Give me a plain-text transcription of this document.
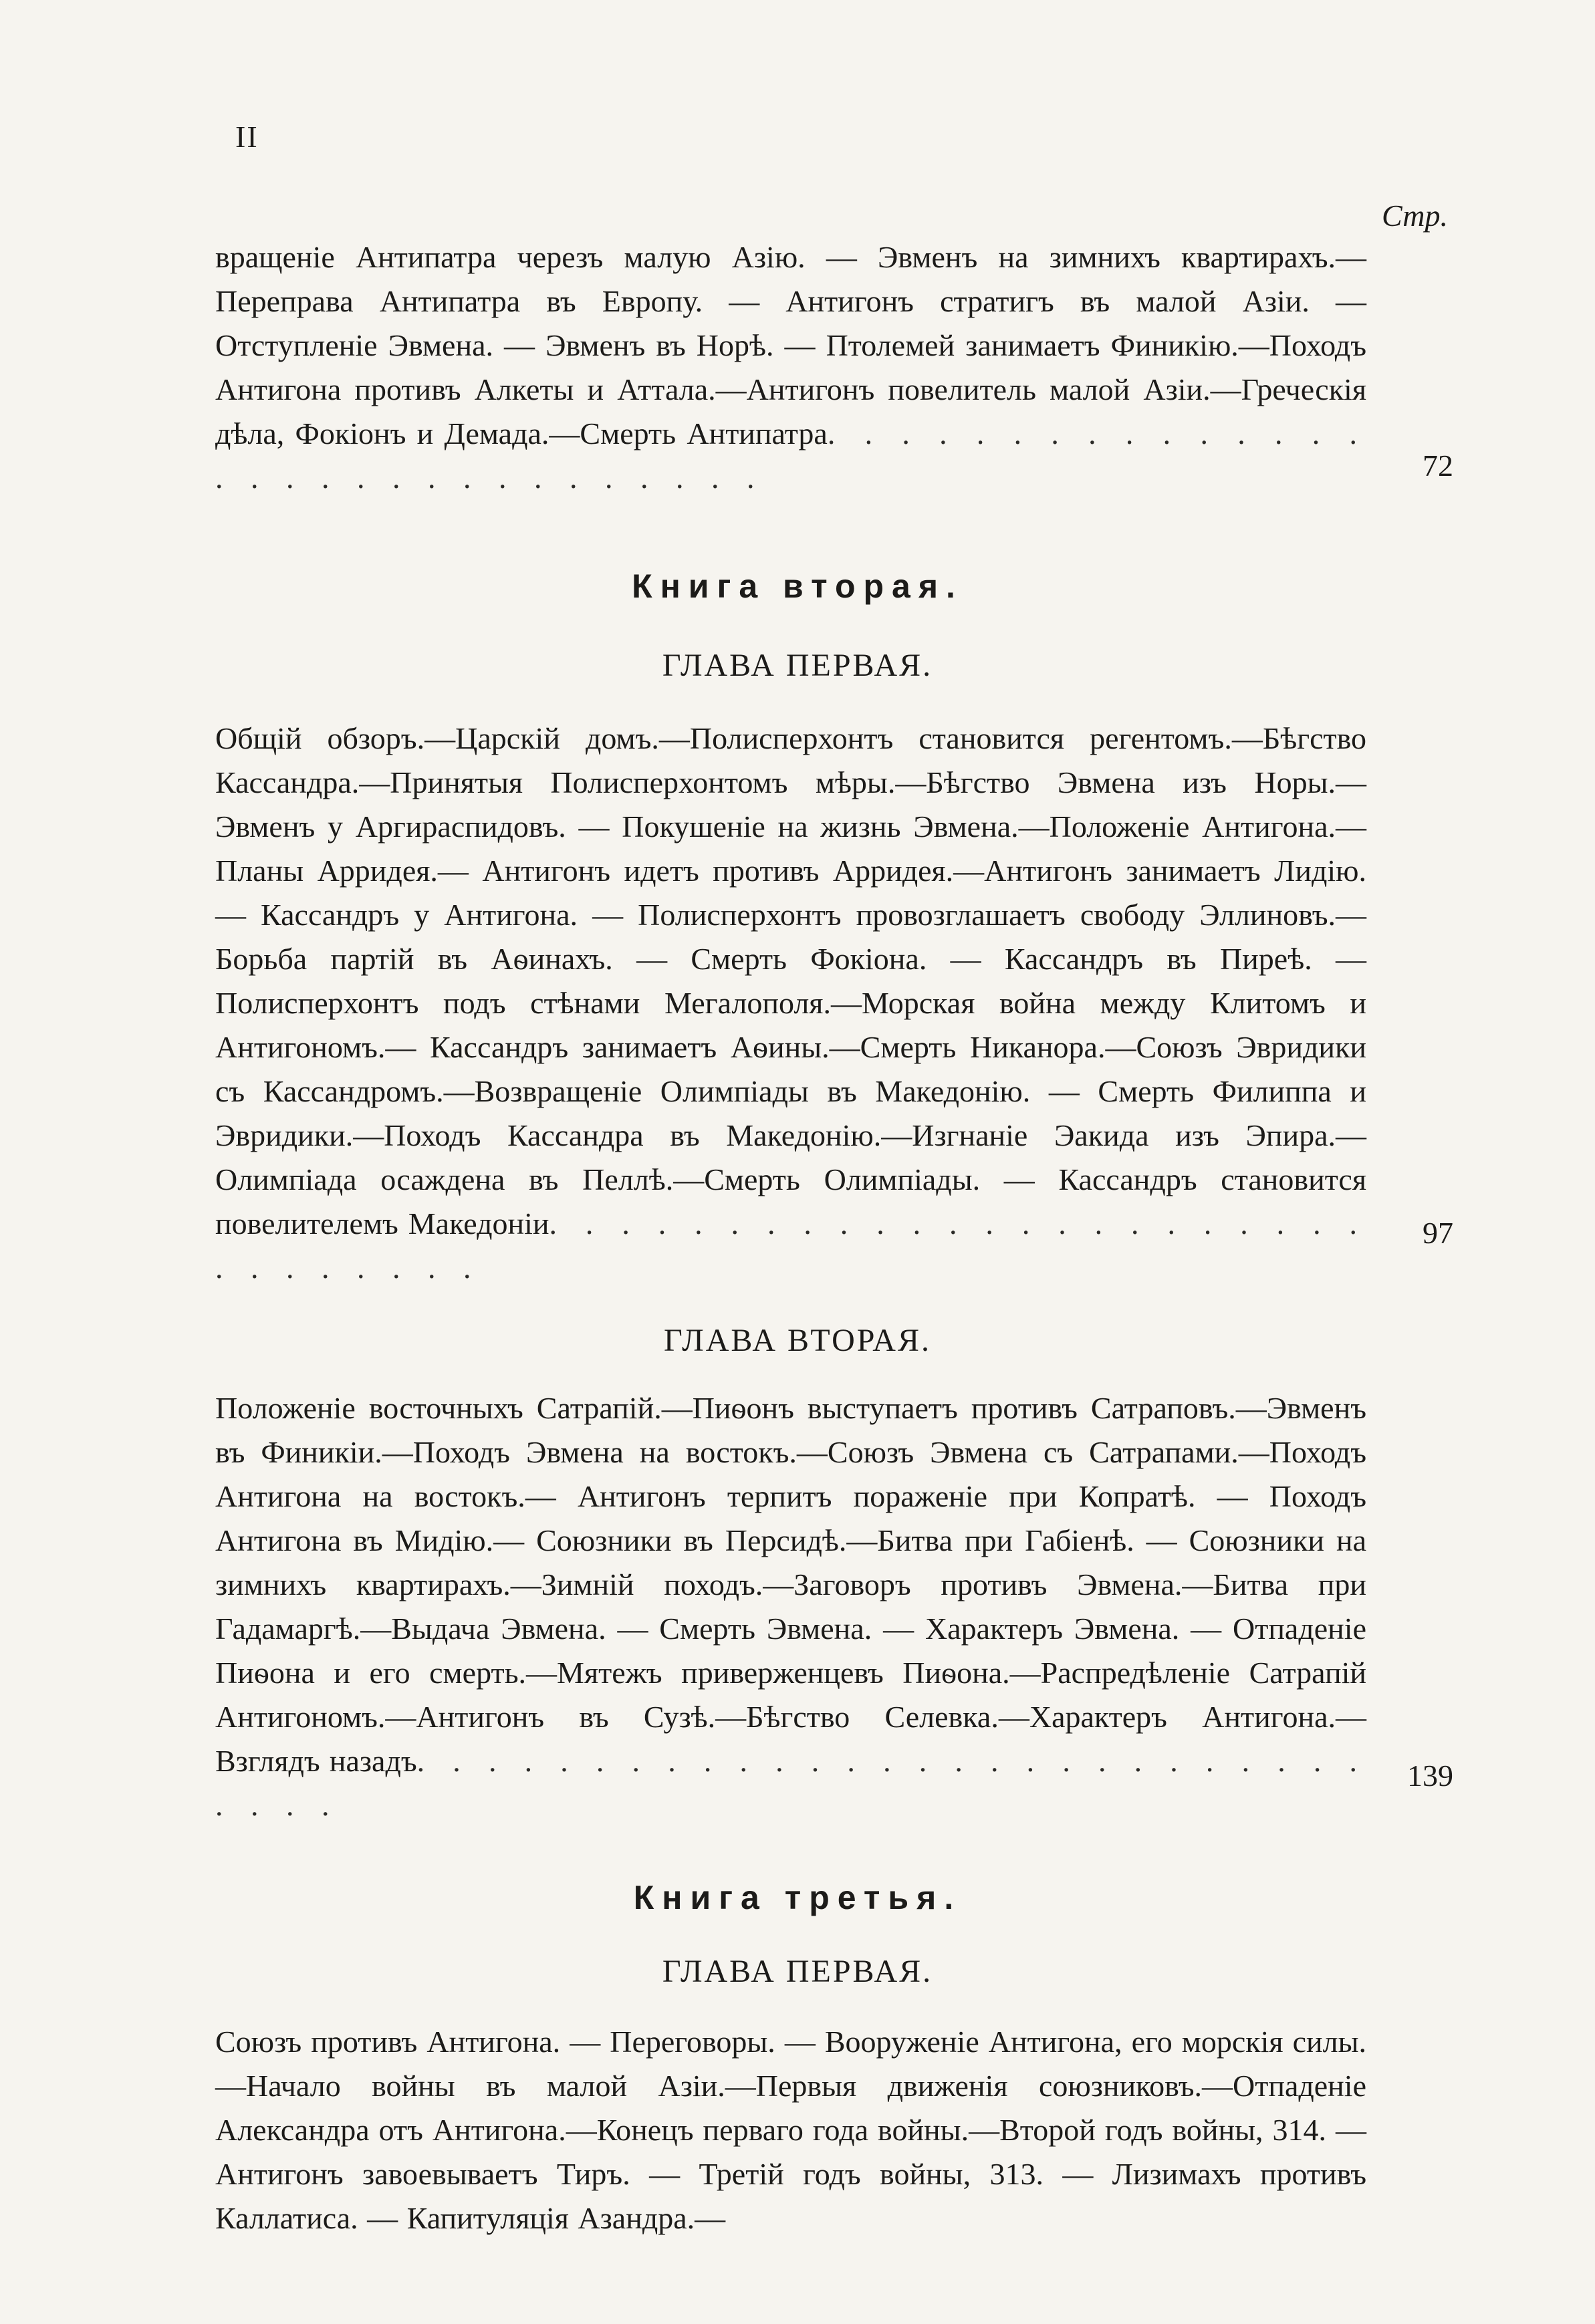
II
Стр.
вращеніе Антипатра черезъ малую Азію. — Эвменъ на зимнихъ квартирахъ.—Переправа Антипатра въ Европу. — Антигонъ стратигъ въ малой Азіи. — Отступленіе Эвмена. — Эвменъ въ Норѣ. — Птолемей занимаетъ Финикію.—Походъ Антигона противъ Алкеты и Аттала.—Антигонъ повелитель малой Азіи.—Греческія дѣла, Фокіонъ и Демада.—Смерть Антипатра. . . . . . . . . . . . . . . . . . . . . . . . . . . . . . .	72
Книга вторая.
ГЛАВА ПЕРВАЯ.
Общій обзоръ.—Царскій домъ.—Полисперхонтъ становится регентомъ.—Бѣгство Кассандра.—Принятыя Полисперхонтомъ мѣры.—Бѣгство Эвмена изъ Норы.—Эвменъ у Аргираспидовъ. — Покушеніе на жизнь Эвмена.—Положеніе Антигона.—Планы Арридея.— Антигонъ идетъ противъ Арридея.—Антигонъ занимаетъ Лидію. — Кассандръ у Антигона. — Полисперхонтъ провозглашаетъ свободу Эллиновъ.—Борьба партій въ Аѳинахъ. — Смерть Фокіона. — Кассандръ въ Пиреѣ. — Полисперхонтъ подъ стѣнами Мегалополя.—Морская война между Клитомъ и Антигономъ.— Кассандръ занимаетъ Аѳины.—Смерть Никанора.—Союзъ Эвридики съ Кассандромъ.—Возвращеніе Олимпіады въ Македонію. — Смерть Филиппа и Эвридики.—Походъ Кассандра въ Македонію.—Изгнаніе Эакида изъ Эпира.—Олимпіада осаждена въ Пеллѣ.—Смерть Олимпіады. — Кассандръ становится повелителемъ Македоніи. . . . . . . . . . . . . . . . . . . . . . . . . . . . . . .
97
ГЛАВА ВТОРАЯ.
Положеніе восточныхъ Сатрапій.—Пиѳонъ выступаетъ противъ Сатраповъ.—Эвменъ въ Финикіи.—Походъ Эвмена на востокъ.—Союзъ Эвмена съ Сатрапами.—Походъ Антигона на востокъ.— Антигонъ терпитъ пораженіе при Копратѣ. — Походъ Антигона въ Мидію.— Союзники въ Персидѣ.—Битва при Габіенѣ. — Союзники на зимнихъ квартирахъ.—Зимній походъ.—Заговоръ противъ Эвмена.—Битва при Гадамаргѣ.—Выдача Эвмена. — Смерть Эвмена. — Характеръ Эвмена. — Отпаденіе Пиѳона и его смерть.—Мятежъ приверженцевъ Пиѳона.—Распредѣленіе Сатрапій Антигономъ.—Антигонъ въ Сузѣ.—Бѣгство Селевка.—Характеръ Антигона.—Взглядъ назадъ. . . . . . . . . . . . . . . . . . . . . . . . . . . . . . .
139
Книга третья.
ГЛАВА ПЕРВАЯ.
Союзъ противъ Антигона. — Переговоры. — Вооруженіе Антигона, его морскія силы.—Начало войны въ малой Азіи.—Первыя движенія союзниковъ.—Отпаденіе Александра отъ Антигона.—Конецъ перваго года войны.—Второй годъ войны, 314. — Антигонъ завоевываетъ Тиръ. — Третій годъ войны, 313. — Лизимахъ противъ Каллатиса. — Капитуляція Азандра.—
